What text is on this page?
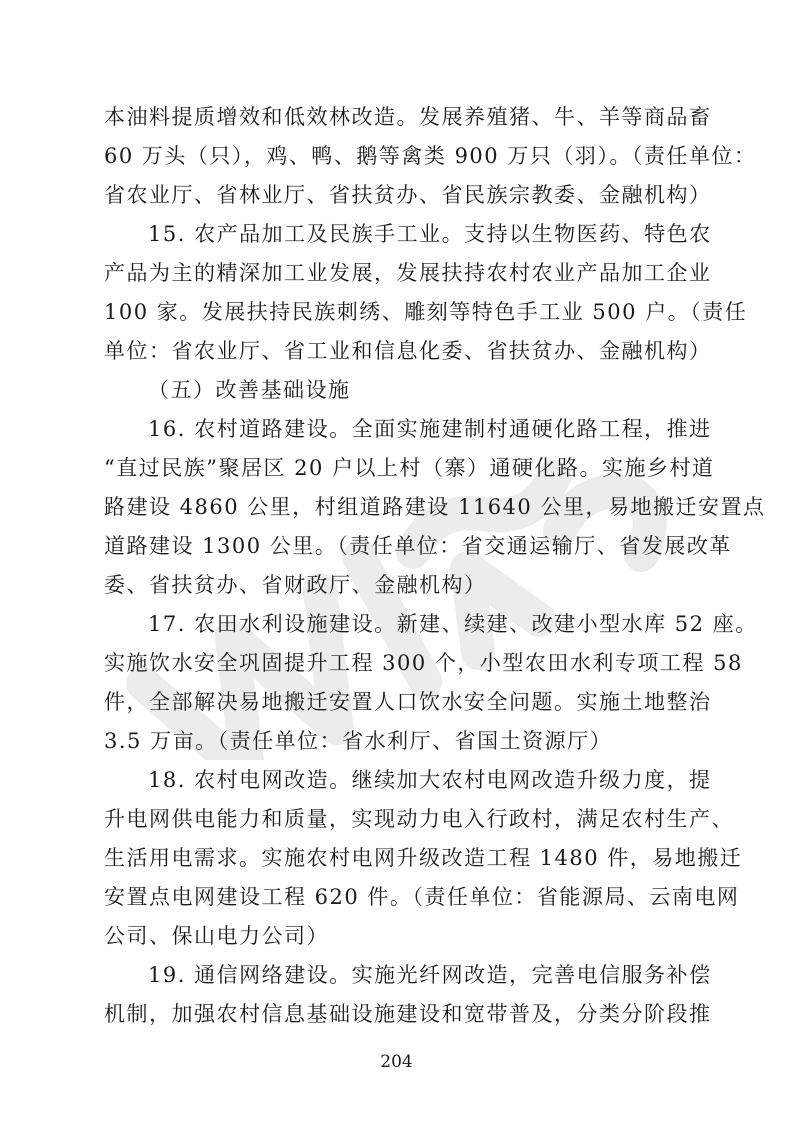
本油料提质增效和低效林改造。发展养殖猪、牛、羊等商品畜
60 万头（只），鸡、鸭、鹅等禽类 900 万只（羽）。（责任单位：
省农业厅、省林业厅、省扶贫办、省民族宗教委、金融机构）
15. 农产品加工及民族手工业。支持以生物医药、特色农
产品为主的精深加工业发展，发展扶持农村农业产品加工企业
100 家。发展扶持民族刺绣、雕刻等特色手工业 500 户。（责任
单位：省农业厅、省工业和信息化委、省扶贫办、金融机构）
（五）改善基础设施
16. 农村道路建设。全面实施建制村通硬化路工程，推进
“直过民族”聚居区 20 户以上村（寨）通硬化路。实施乡村道
路建设 4860 公里，村组道路建设 11640 公里，易地搬迁安置点
道路建设 1300 公里。（责任单位：省交通运输厅、省发展改革
委、省扶贫办、省财政厅、金融机构）
17. 农田水利设施建设。新建、续建、改建小型水库 52 座。
实施饮水安全巩固提升工程 300 个，小型农田水利专项工程 58
件，全部解决易地搬迁安置人口饮水安全问题。实施土地整治
3.5 万亩。（责任单位：省水利厅、省国土资源厅）
18. 农村电网改造。继续加大农村电网改造升级力度，提
升电网供电能力和质量，实现动力电入行政村，满足农村生产、
生活用电需求。实施农村电网升级改造工程 1480 件，易地搬迁
安置点电网建设工程 620 件。（责任单位：省能源局、云南电网
公司、保山电力公司）
19. 通信网络建设。实施光纤网改造，完善电信服务补偿
机制，加强农村信息基础设施建设和宽带普及，分类分阶段推
204
